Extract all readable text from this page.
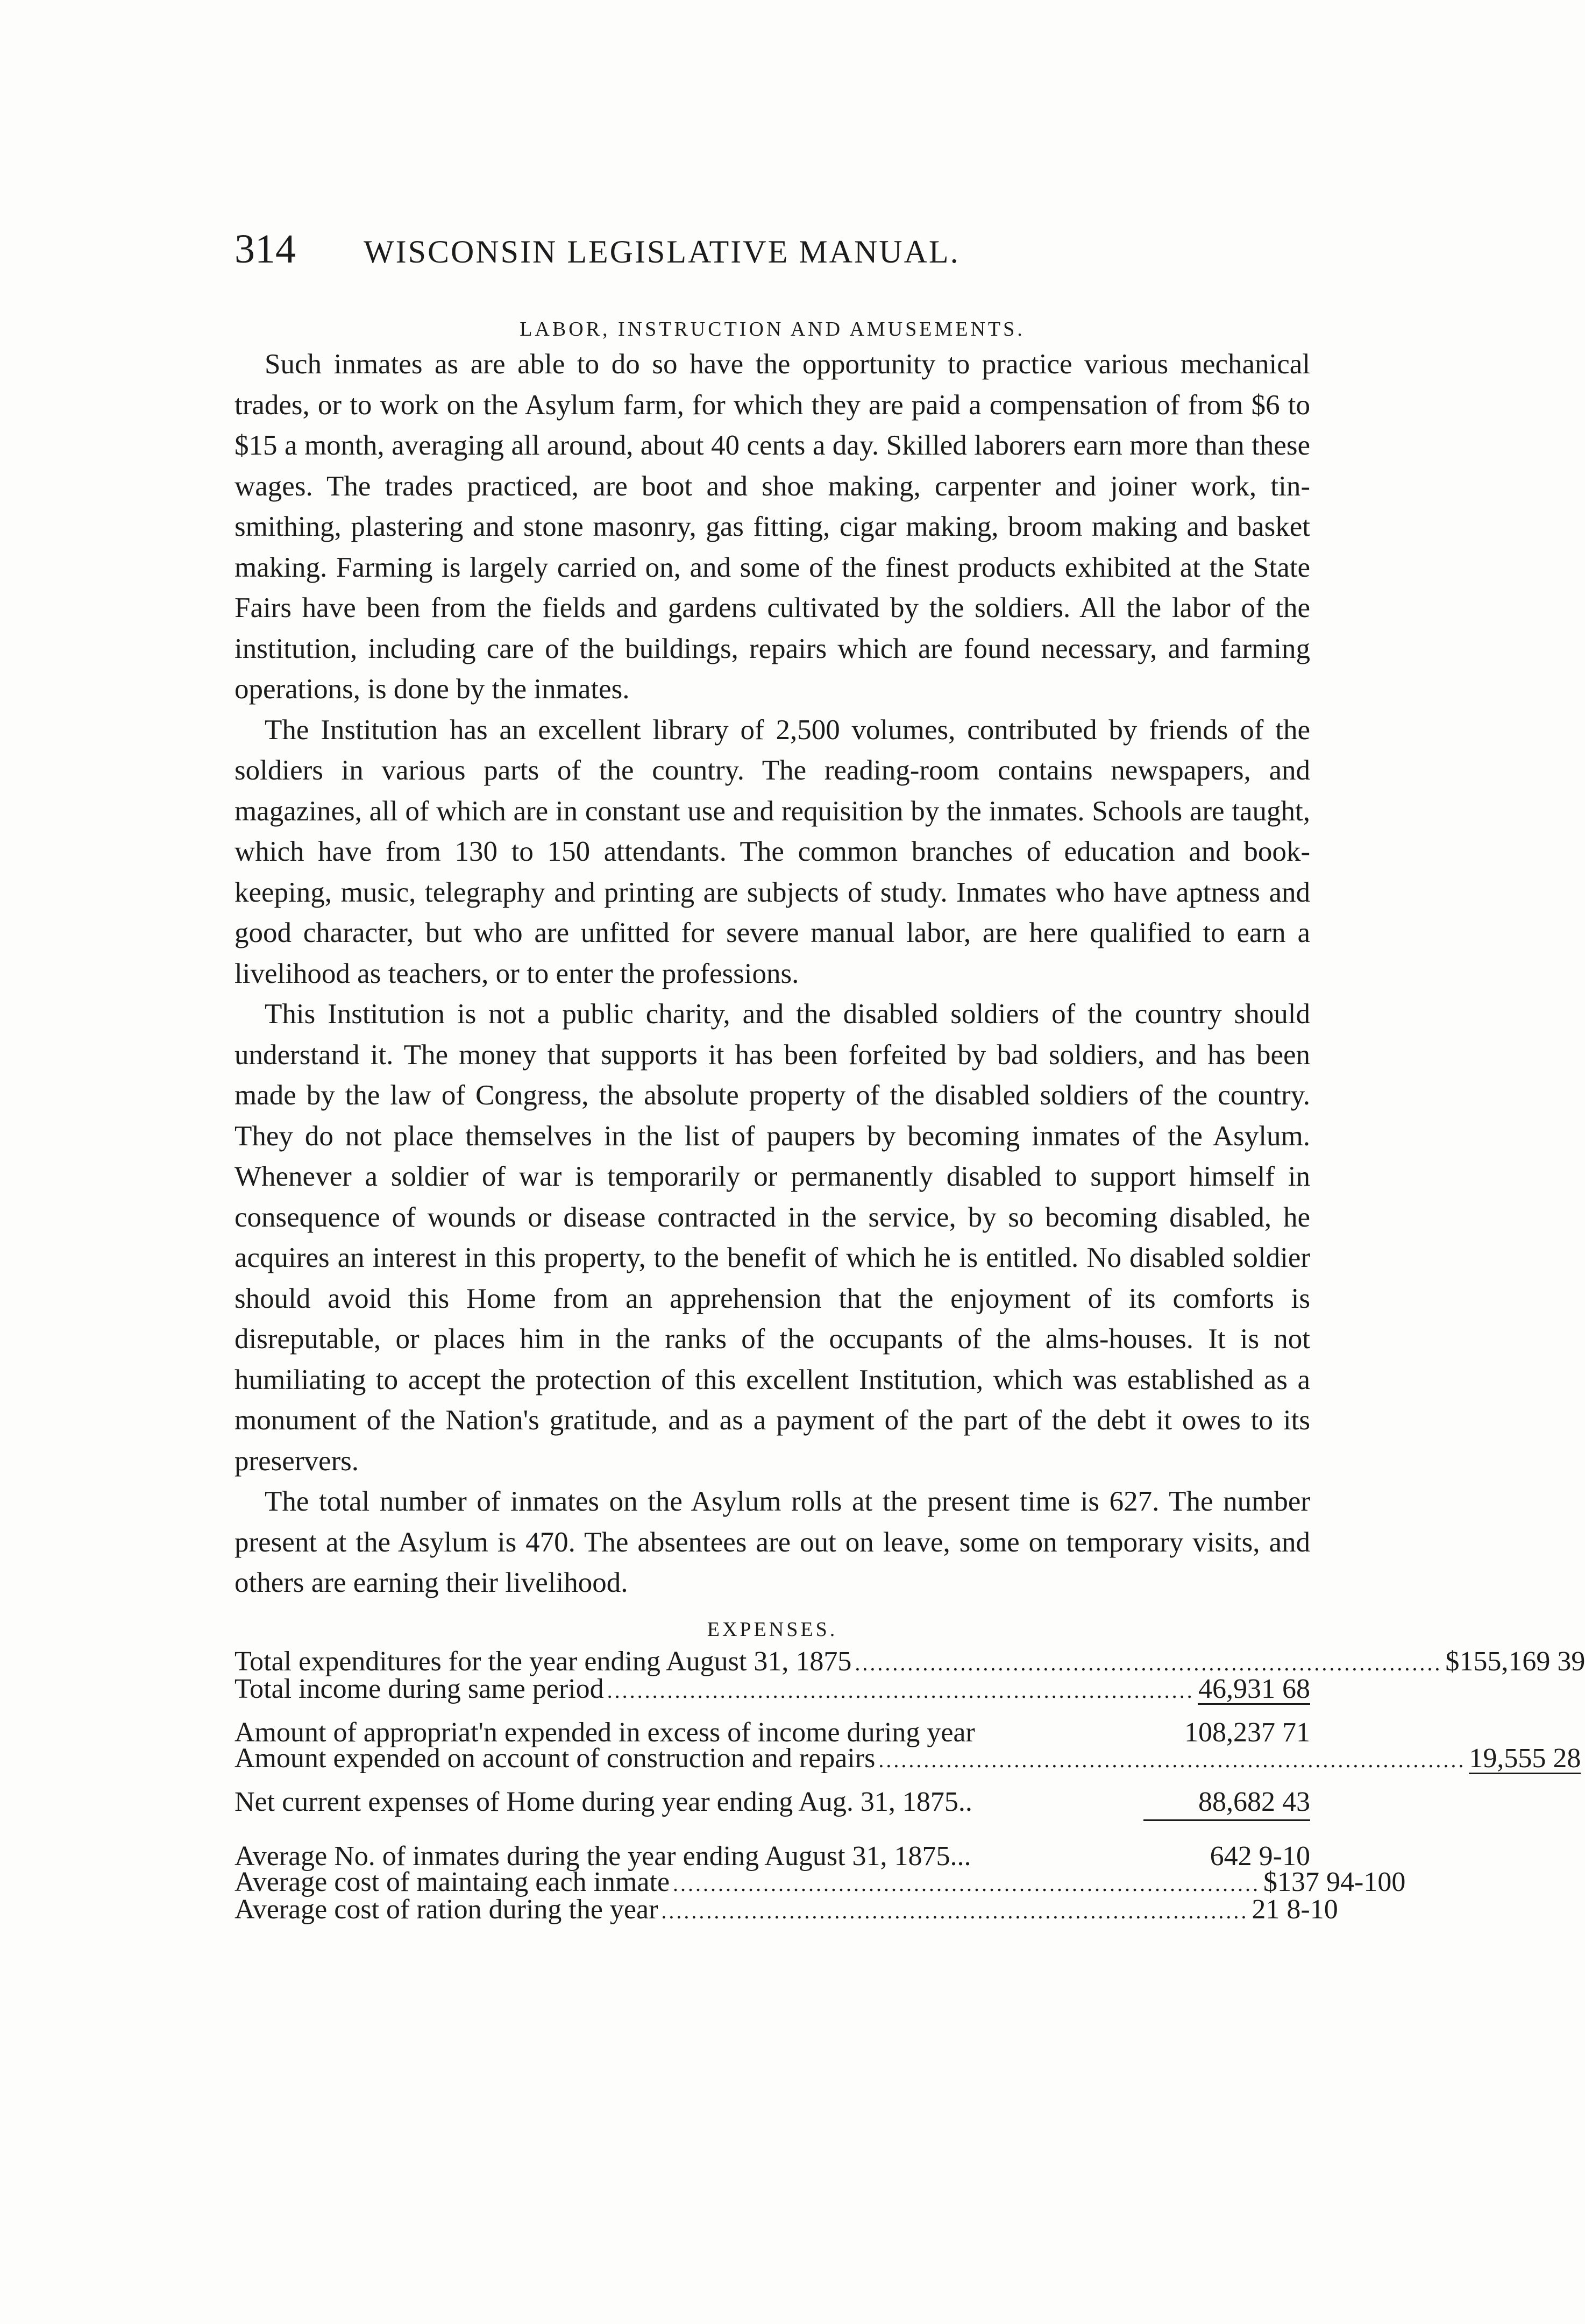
314	WISCONSIN LEGISLATIVE MANUAL.
LABOR, INSTRUCTION AND AMUSEMENTS.

Such inmates as are able to do so have the opportunity to practice various mechanical trades, or to work on the Asylum farm, for which they are paid a compensation of from $6 to $15 a month, averaging all around, about 40 cents a day. Skilled laborers earn more than these wages. The trades practiced, are boot and shoe making, carpenter and joiner work, tin-smithing, plastering and stone masonry, gas fitting, cigar making, broom making and basket making. Farming is largely carried on, and some of the finest products exhibited at the State Fairs have been from the fields and gardens cultivated by the soldiers. All the labor of the institution, including care of the buildings, repairs which are found necessary, and farming operations, is done by the inmates.

The Institution has an excellent library of 2,500 volumes, contributed by friends of the soldiers in various parts of the country. The reading-room contains newspapers, and magazines, all of which are in constant use and requisition by the inmates. Schools are taught, which have from 130 to 150 attendants. The common branches of education and book-keeping, music, telegraphy and printing are subjects of study. Inmates who have aptness and good character, but who are unfitted for severe manual labor, are here qualified to earn a livelihood as teachers, or to enter the professions.

This Institution is not a public charity, and the disabled soldiers of the country should understand it. The money that supports it has been forfeited by bad soldiers, and has been made by the law of Congress, the absolute property of the disabled soldiers of the country. They do not place themselves in the list of paupers by becoming inmates of the Asylum. Whenever a soldier of war is temporarily or permanently disabled to support himself in consequence of wounds or disease contracted in the service, by so becoming disabled, he acquires an interest in this property, to the benefit of which he is entitled. No disabled soldier should avoid this Home from an apprehension that the enjoyment of its comforts is disreputable, or places him in the ranks of the occupants of the alms-houses. It is not humiliating to accept the protection of this excellent Institution, which was established as a monument of the Nation's gratitude, and as a payment of the part of the debt it owes to its preservers.

The total number of inmates on the Asylum rolls at the present time is 627. The number present at the Asylum is 470. The absentees are out on leave, some on temporary visits, and others are earning their livelihood.

EXPENSES.
Total expenditures for the year ending August 31, 1875 .............................................................................. $155,169 39
Total income during same period .............................................................................. 46,931 68
Amount of appropriat'n expended in excess of income during year	108,237 71
Amount expended on account of construction and repairs .............................................................................. 19,555 28
Net current expenses of Home during year ending Aug. 31, 1875..	88,682 43
Average No. of inmates during the year ending August 31, 1875...	642 9-10
Average cost of maintaing each inmate .............................................................................. $137 94-100
Average cost of ration during the year .............................................................................. 21 8-10
